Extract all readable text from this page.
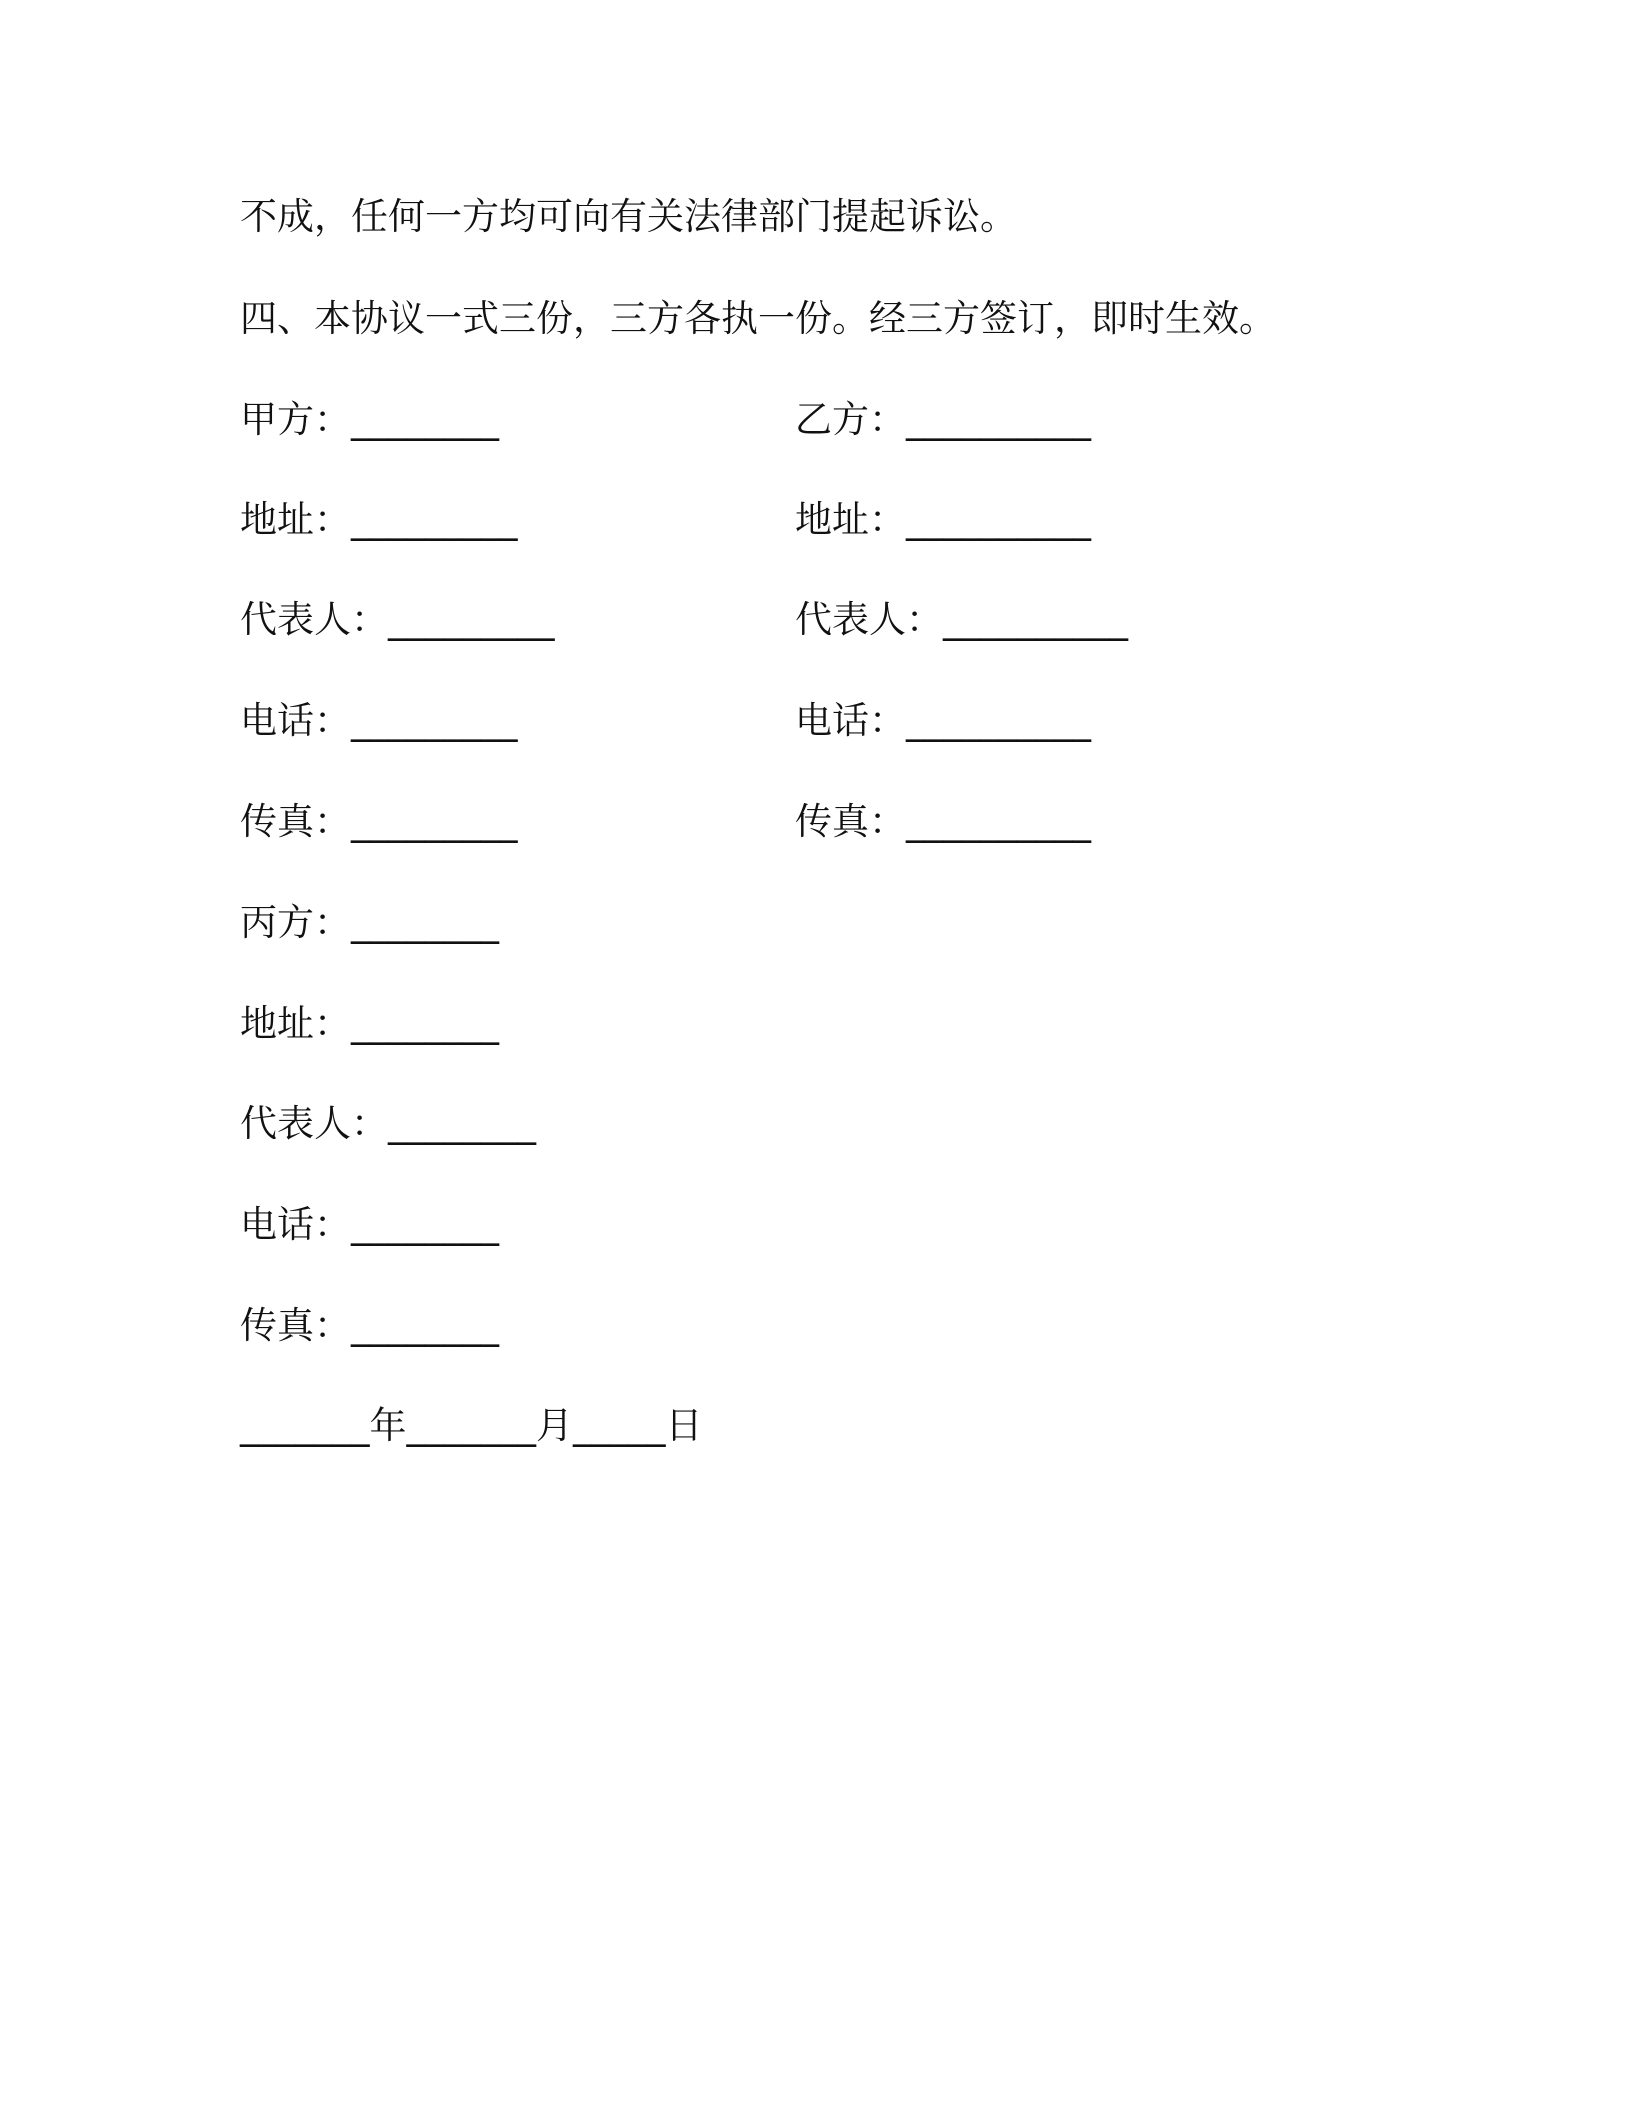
不成，任何一方均可向有关法律部门提起诉讼。
四、本协议一式三份，三方各执一份。经三方签订，即时生效。
甲方：________	乙方：__________
地址：_________	地址：__________
代表人：_________	代表人：__________
电话：_________	电话：__________
传真：_________	传真：__________
丙方：________
地址：________
代表人：________
电话：________
传真：________
_______年_______月_____日
